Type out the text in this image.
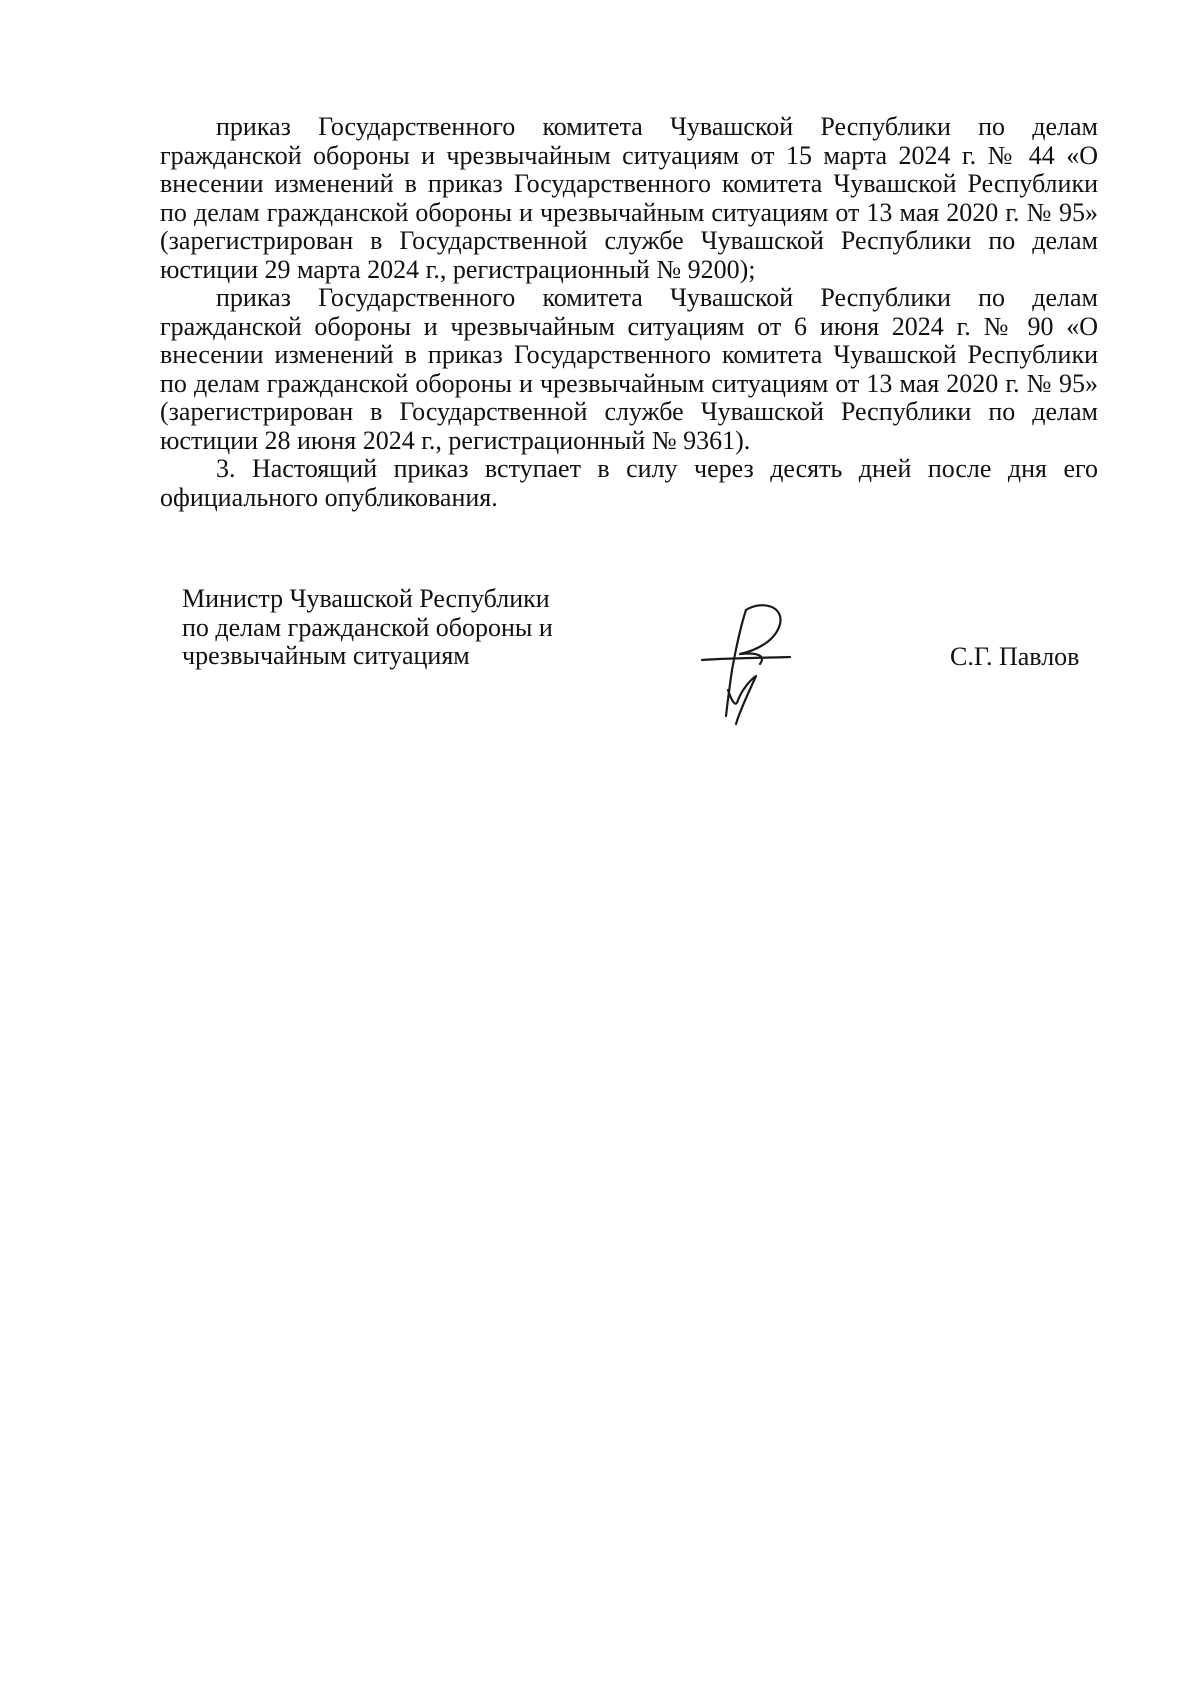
приказ Государственного комитета Чувашской Республики по делам гражданской обороны и чрезвычайным ситуациям от 15 марта 2024 г. № 44 «О внесении изменений в приказ Государственного комитета Чувашской Республики по делам гражданской обороны и чрезвычайным ситуациям от 13 мая 2020 г. № 95» (зарегистрирован в Государственной службе Чувашской Республики по делам юстиции 29 марта 2024 г., регистрационный № 9200);

приказ Государственного комитета Чувашской Республики по делам гражданской обороны и чрезвычайным ситуациям от 6 июня 2024 г. № 90 «О внесении изменений в приказ Государственного комитета Чувашской Республики по делам гражданской обороны и чрезвычайным ситуациям от 13 мая 2020 г. № 95» (зарегистрирован в Государственной службе Чувашской Республики по делам юстиции 28 июня 2024 г., регистрационный № 9361).

3. Настоящий приказ вступает в силу через десять дней после дня его официального опубликования.

Министр Чувашской Республики
по делам гражданской обороны и
чрезвычайным ситуациям	С.Г. Павлов
